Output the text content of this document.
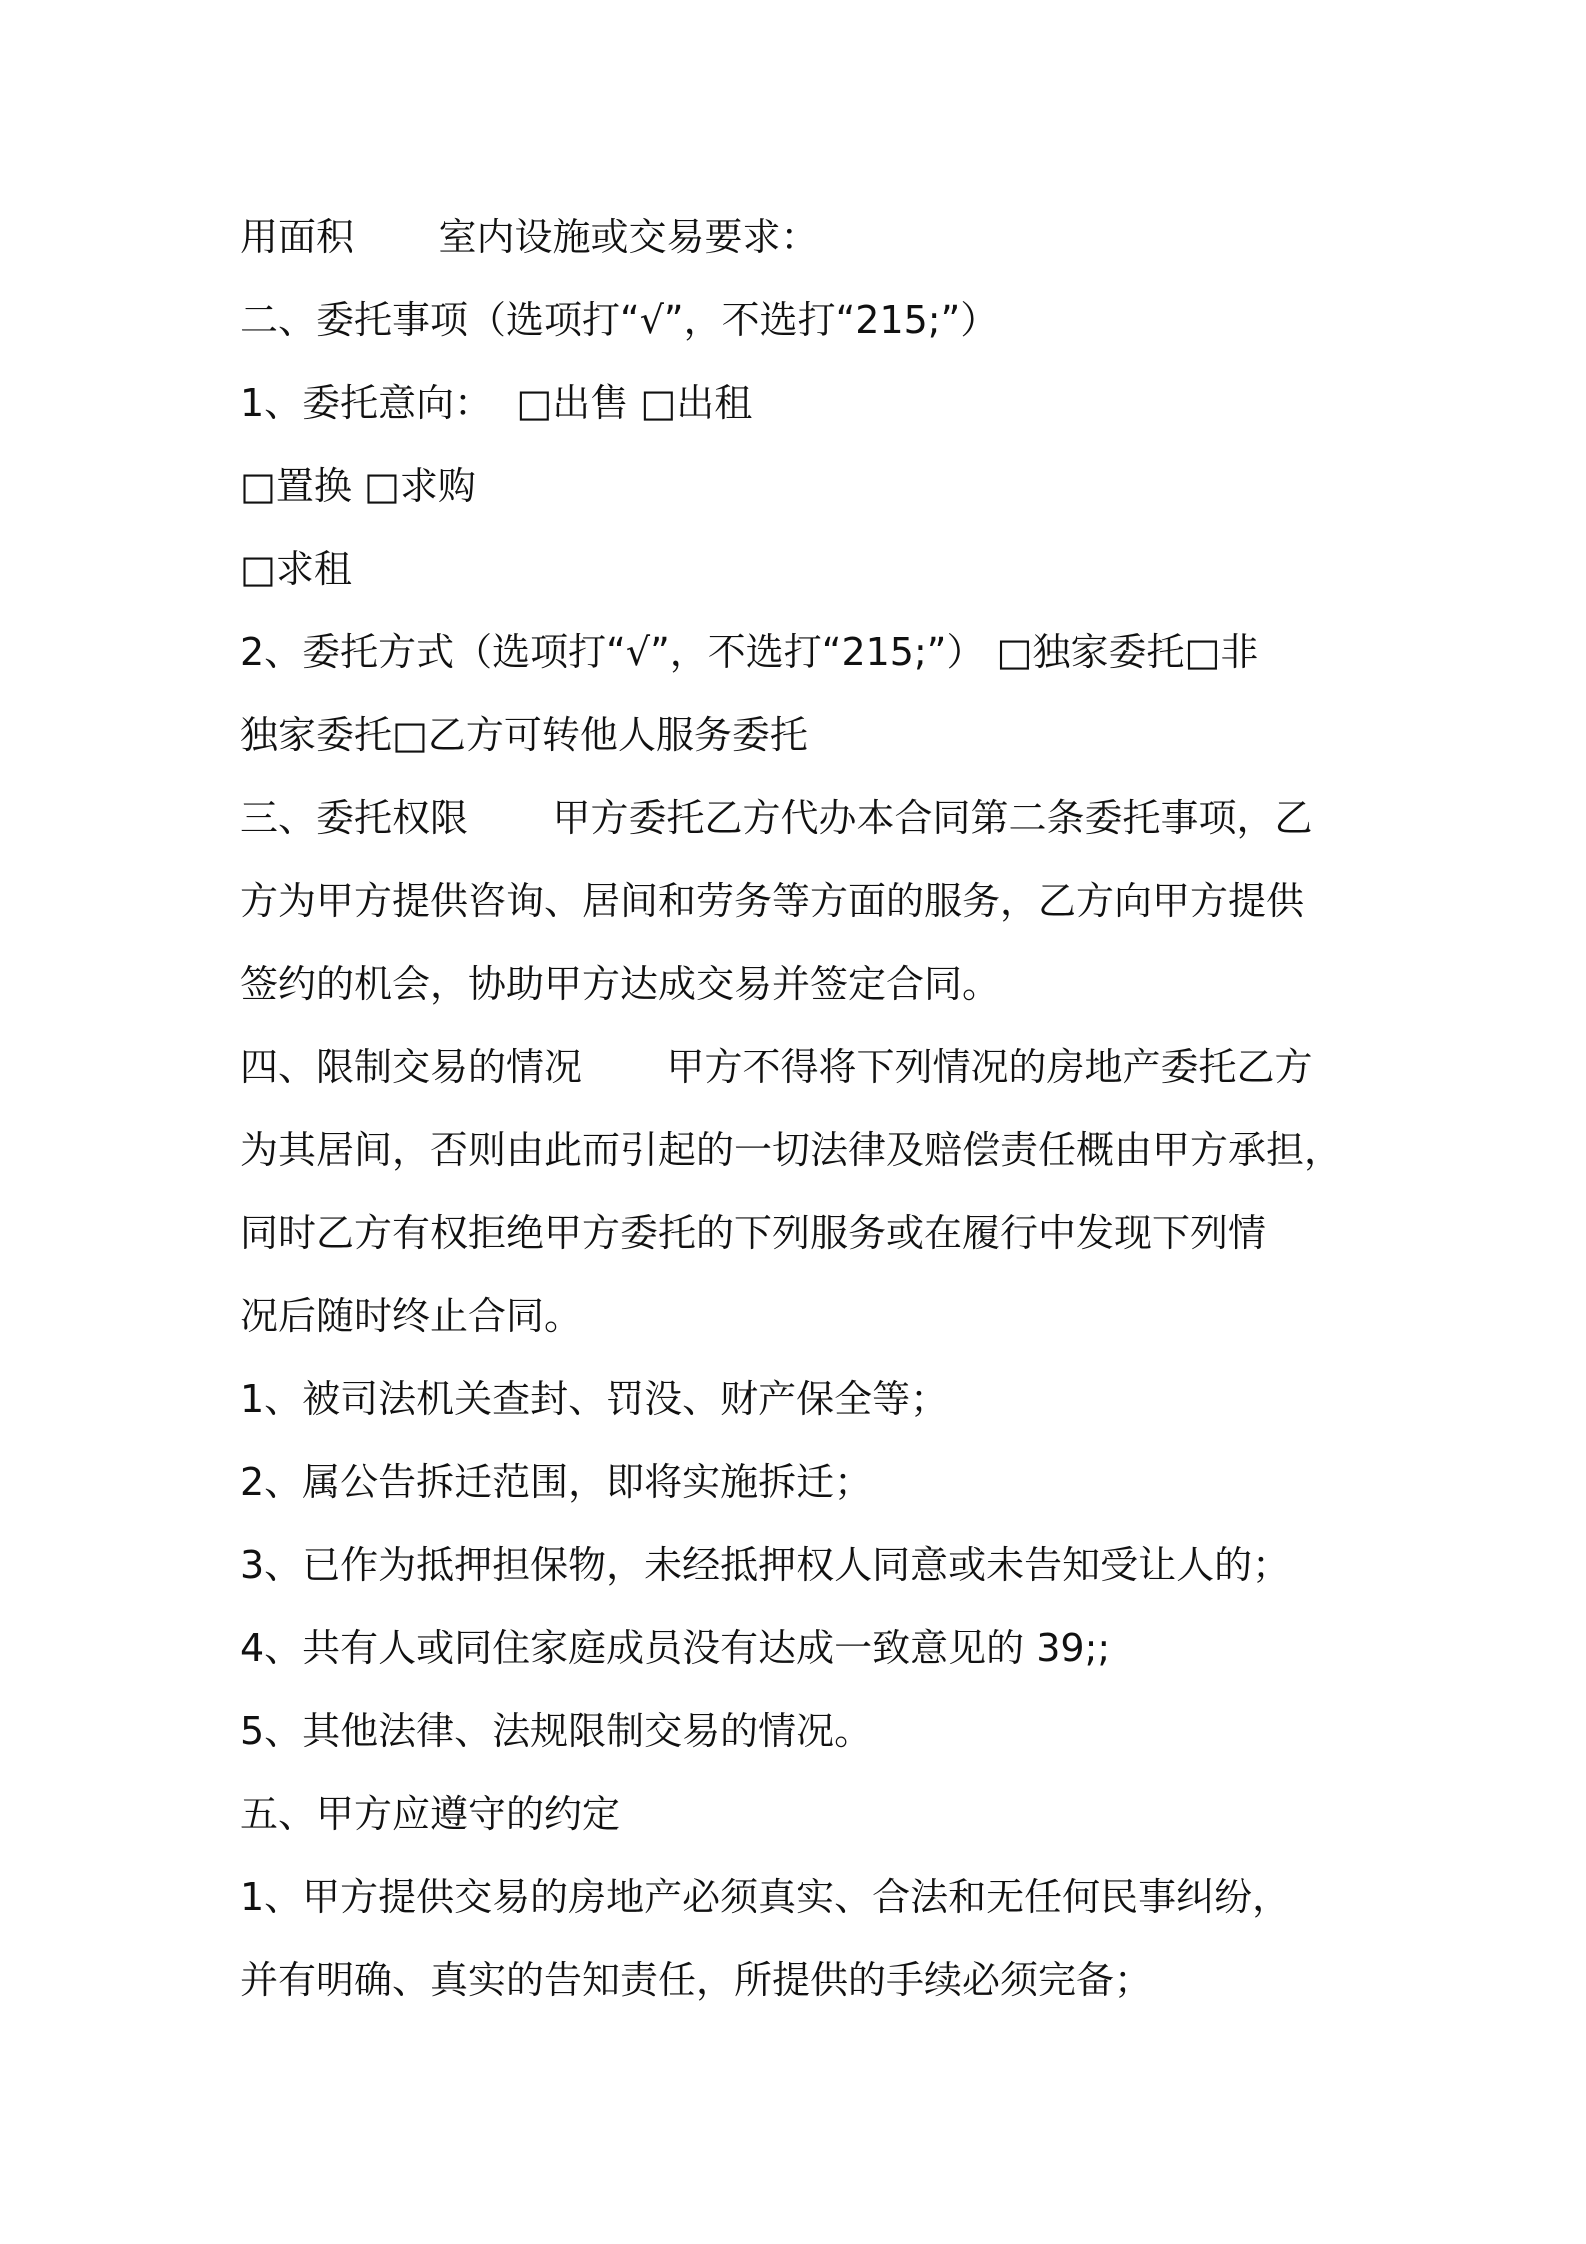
用面积       室内设施或交易要求：
二、委托事项（选项打“√”，不选打“215;”）
1、委托意向：  □出售 □出租
□置换 □求购
□求租
2、委托方式（选项打“√”，不选打“215;”） □独家委托□非
独家委托□乙方可转他人服务委托
三、委托权限       甲方委托乙方代办本合同第二条委托事项，乙
方为甲方提供咨询、居间和劳务等方面的服务，乙方向甲方提供
签约的机会，协助甲方达成交易并签定合同。
四、限制交易的情况       甲方不得将下列情况的房地产委托乙方
为其居间，否则由此而引起的一切法律及赔偿责任概由甲方承担，
同时乙方有权拒绝甲方委托的下列服务或在履行中发现下列情
况后随时终止合同。
1、被司法机关查封、罚没、财产保全等；
2、属公告拆迁范围，即将实施拆迁；
3、已作为抵押担保物，未经抵押权人同意或未告知受让人的；
4、共有人或同住家庭成员没有达成一致意见的 39;;
5、其他法律、法规限制交易的情况。
五、甲方应遵守的约定
1、甲方提供交易的房地产必须真实、合法和无任何民事纠纷，
并有明确、真实的告知责任，所提供的手续必须完备；
